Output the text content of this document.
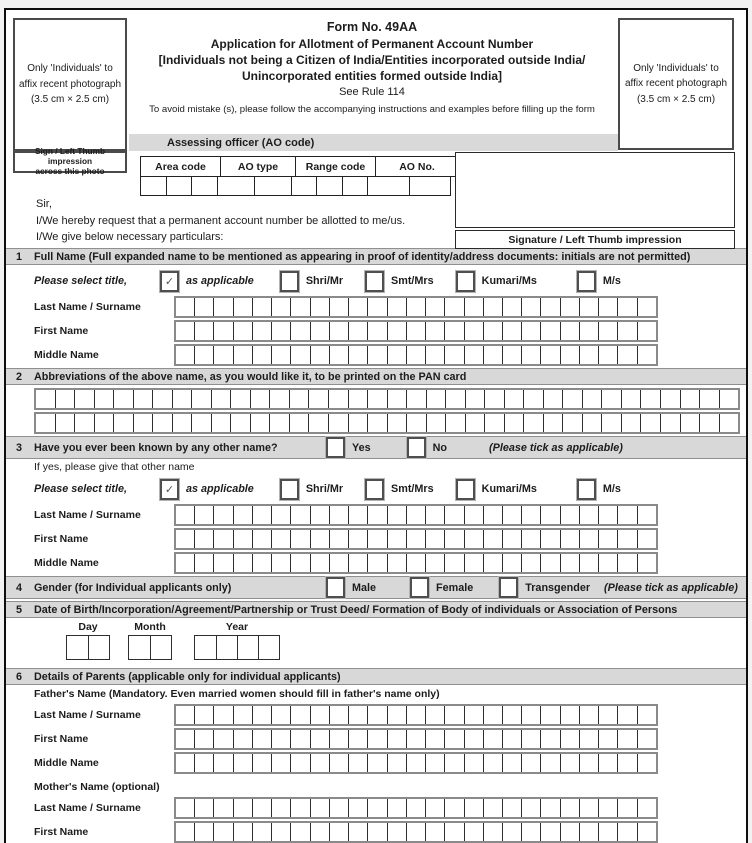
Only 'Individuals' to
affix recent photograph
(3.5 cm × 2.5 cm)
Sign / Left Thumb impression
across this photo
Only 'Individuals' to
affix recent photograph
(3.5 cm × 2.5 cm)
Form No. 49AA
Application for Allotment of Permanent Account Number
[Individuals not being a Citizen of India/Entities incorporated outside India/
Unincorporated entities formed outside India]
See Rule 114
To avoid mistake (s), please follow the accompanying instructions and examples before filling up the form
Assessing officer (AO code)
Area code	AO type	Range code	AO No.
Sir,
I/We hereby request that a permanent account number be allotted to me/us.
I/We give below necessary particulars:	Signature / Left Thumb impression
1	Full Name (Full expanded name to be mentioned as appearing in proof of identity/address documents: initials are not permitted)
Please select title,	✓	as applicable	Shri/Mr	Smt/Mrs	Kumari/Ms	M/s
Last Name / Surname
First Name
Middle Name
2	Abbreviations of the above name, as you would like it, to be printed on the PAN card
3	Have you ever been known by any other name?	Yes	No	(Please tick as applicable)
If yes, please give that other name
Please select title,	✓	as applicable	Shri/Mr	Smt/Mrs	Kumari/Ms	M/s
Last Name / Surname
First Name
Middle Name
4	Gender (for Individual applicants only)	Male	Female	Transgender (Please tick as applicable)
5	Date of Birth/Incorporation/Agreement/Partnership or Trust Deed/ Formation of Body of individuals or Association of Persons
Day	Month	Year
6	Details of Parents (applicable only for individual applicants)
Father's Name (Mandatory. Even married women should fill in father's name only)
Last Name / Surname
First Name
Middle Name
Mother's Name (optional)
Last Name / Surname
First Name
